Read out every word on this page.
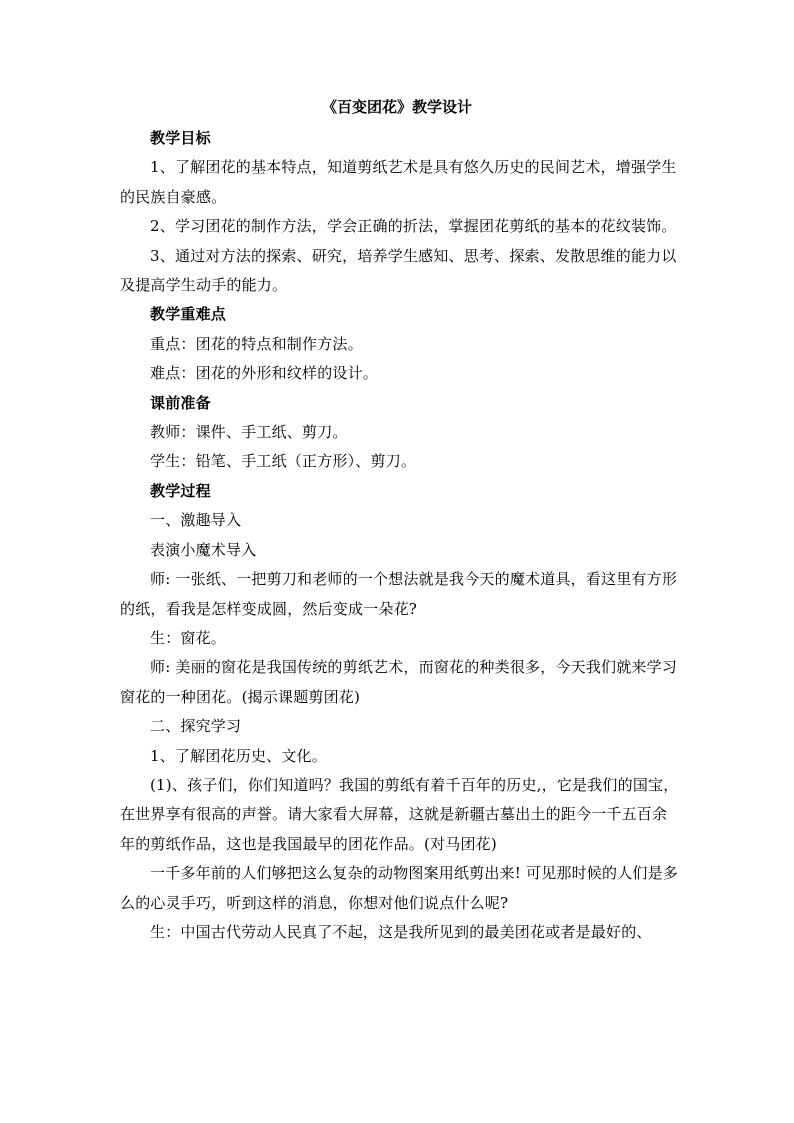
《百变团花》教学设计

教学目标

1、了解团花的基本特点，知道剪纸艺术是具有悠久历史的民间艺术，增强学生的民族自豪感。

2、学习团花的制作方法，学会正确的折法，掌握团花剪纸的基本的花纹装饰。

3、通过对方法的探索、研究，培养学生感知、思考、探索、发散思维的能力以及提高学生动手的能力。

教学重难点

重点：团花的特点和制作方法。

难点：团花的外形和纹样的设计。

课前准备

教师：课件、手工纸、剪刀。

学生：铅笔、手工纸（正方形）、剪刀。

教学过程

一、激趣导入

表演小魔术导入

师: 一张纸、一把剪刀和老师的一个想法就是我今天的魔术道具，看这里有方形的纸，看我是怎样变成圆，然后变成一朵花?

生：窗花。

师: 美丽的窗花是我国传统的剪纸艺术，而窗花的种类很多，今天我们就来学习窗花的一种团花。(揭示课题剪团花)

二、探究学习

1、了解团花历史、文化。

(1)、孩子们，你们知道吗？我国的剪纸有着千百年的历史,，它是我们的国宝，在世界享有很高的声誉。请大家看大屏幕，这就是新疆古墓出土的距今一千五百余年的剪纸作品，这也是我国最早的团花作品。(对马团花)

一千多年前的人们够把这么复杂的动物图案用纸剪出来! 可见那时候的人们是多么的心灵手巧，听到这样的消息，你想对他们说点什么呢?

生：中国古代劳动人民真了不起，这是我所见到的最美团花或者是最好的、
